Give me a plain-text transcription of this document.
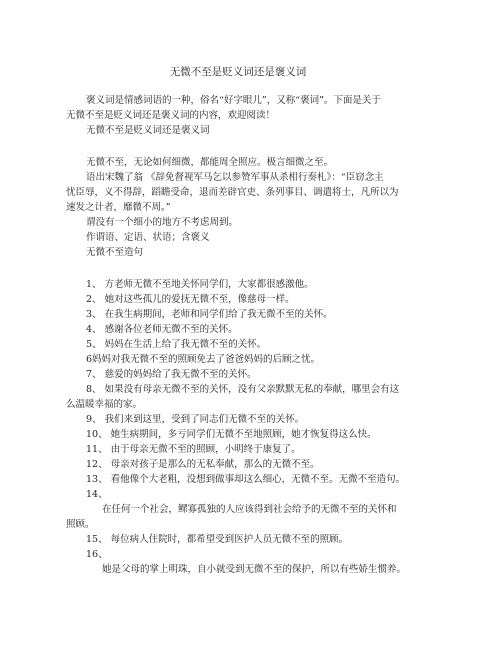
无微不至是贬义词还是褒义词

褒义词是情感词语的一种，俗名“好字眼儿”，又称“褒词”。下面是关于

无微不至是贬义词还是褒义词的内容，欢迎阅读！

无微不至是贬义词还是褒义词

无微不至，无论如何细微，都能周全照应。极言细微之至。

语出宋魏了翁 《辞免督视军马乞以参赞军事从杀相行奏札》：“臣窃念主

忧臣辱，义不得辞，蹈瞻受命，退而差辟官吏、条列事目、调遣将士，凡所以为

速发之计者，靡微不周。”

谓没有一个细小的地方不考虑周到。

作谓语、定语、状语；含褒义

无微不至造句

1、 方老师无微不至地关怀同学们，大家都很感激他。

2、 她对这些孤儿的爱抚无微不至，像慈母一样。

3、 在我生病期间，老师和同学们给了我无微不至的关怀。

4、 感谢各位老师无微不至的关怀。

5、 妈妈在生活上给了我无微不至的关怀。

6妈妈对我无微不至的照顾免去了爸爸妈妈的后顾之忧。

7、 慈爱的妈妈给了我无微不至的关怀。

8、 如果没有母亲无微不至的关怀，没有父亲默默无私的奉献，哪里会有这

么温暖幸福的家。

9、 我们来到这里，受到了同志们无微不至的关怀。

10、 她生病期间，多亏同学们无微不至地照顾，她才恢复得这么快。

11、 由于母亲无微不至的照顾，小明终于康复了。

12、 母亲对孩子是那么的无私奉献，那么的无微不至。

13、 看他像个大老粗，没想到做事却这么细心，无微不至。无微不至造句。

14、

在任何一个社会，鳏寡孤独的人应该得到社会给予的无微不至的关怀和

照顾。

15、 每位病人住院时，都希望受到医护人员无微不至的照顾。

16、

她是父母的掌上明珠，自小就受到无微不至的保护，所以有些娇生惯养。
